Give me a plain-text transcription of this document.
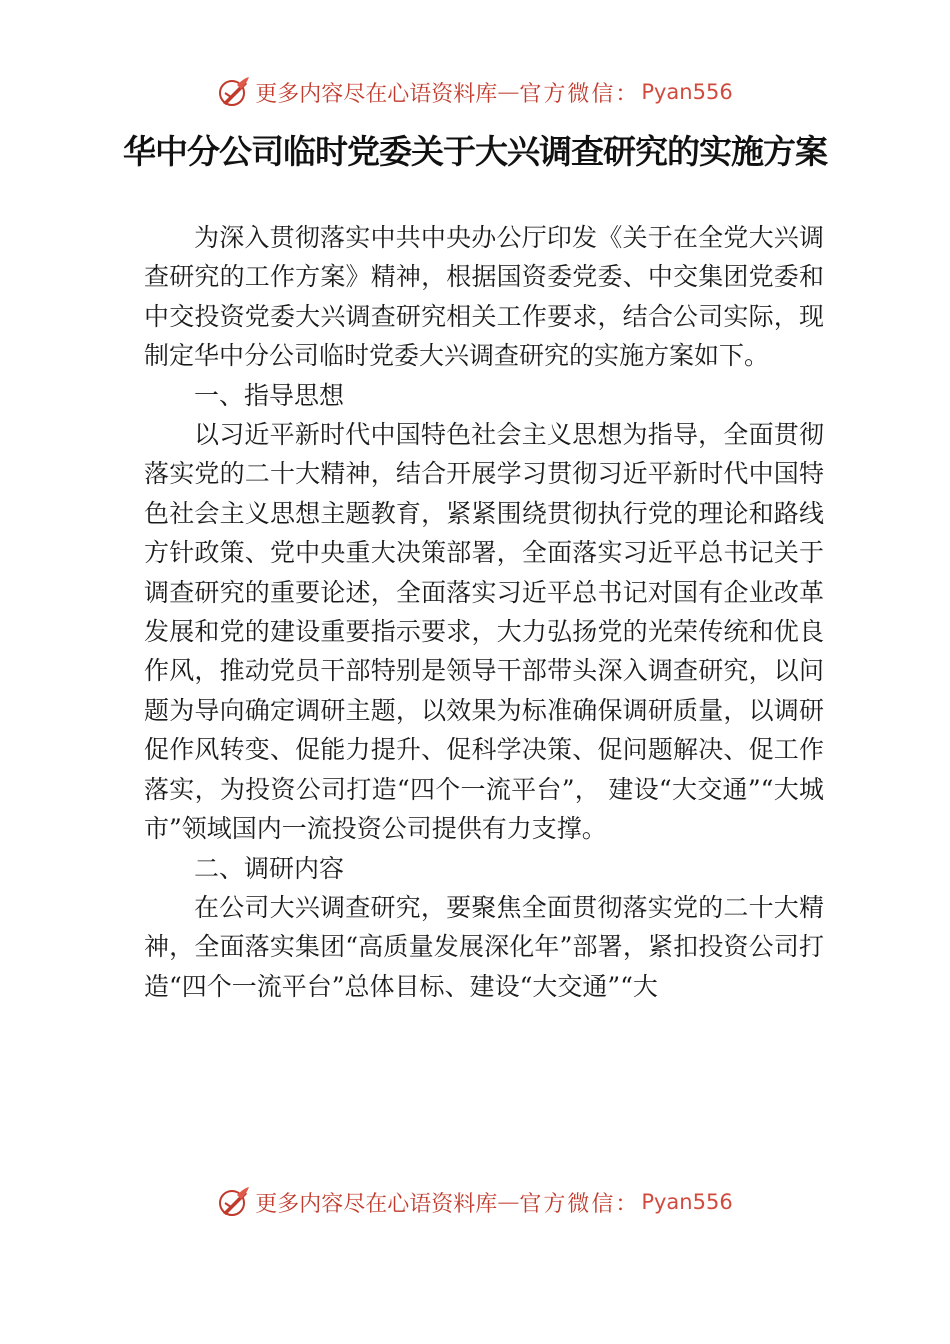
更多内容尽在心语资料库 — 官方微信： Pyan556
华中分公司临时党委关于大兴调查研究的实施方案

为深入贯彻落实中共中央办公厅印发《关于在全党大兴调查研究的工作方案》精神，根据国资委党委、中交集团党委和中交投资党委大兴调查研究相关工作要求，结合公司实际，现制定华中分公司临时党委大兴调查研究的实施方案如下。

一、指导思想

以习近平新时代中国特色社会主义思想为指导，全面贯彻落实党的二十大精神，结合开展学习贯彻习近平新时代中国特色社会主义思想主题教育，紧紧围绕贯彻执行党的理论和路线方针政策、党中央重大决策部署，全面落实习近平总书记关于调查研究的重要论述，全面落实习近平总书记对国有企业改革发展和党的建设重要指示要求，大力弘扬党的光荣传统和优良作风，推动党员干部特别是领导干部带头深入调查研究，以问题为导向确定调研主题，以效果为标准确保调研质量，以调研促作风转变、促能力提升、促科学决策、促问题解决、促工作落实，为投资公司打造“四个一流平台”， 建设“大交通”“大城市”领域国内一流投资公司提供有力支撑。

二、调研内容

在公司大兴调查研究，要聚焦全面贯彻落实党的二十大精神，全面落实集团“高质量发展深化年”部署，紧扣投资公司打造“四个一流平台”总体目标、建设“大交通”“大

更多内容尽在心语资料库 — 官方微信： Pyan556
